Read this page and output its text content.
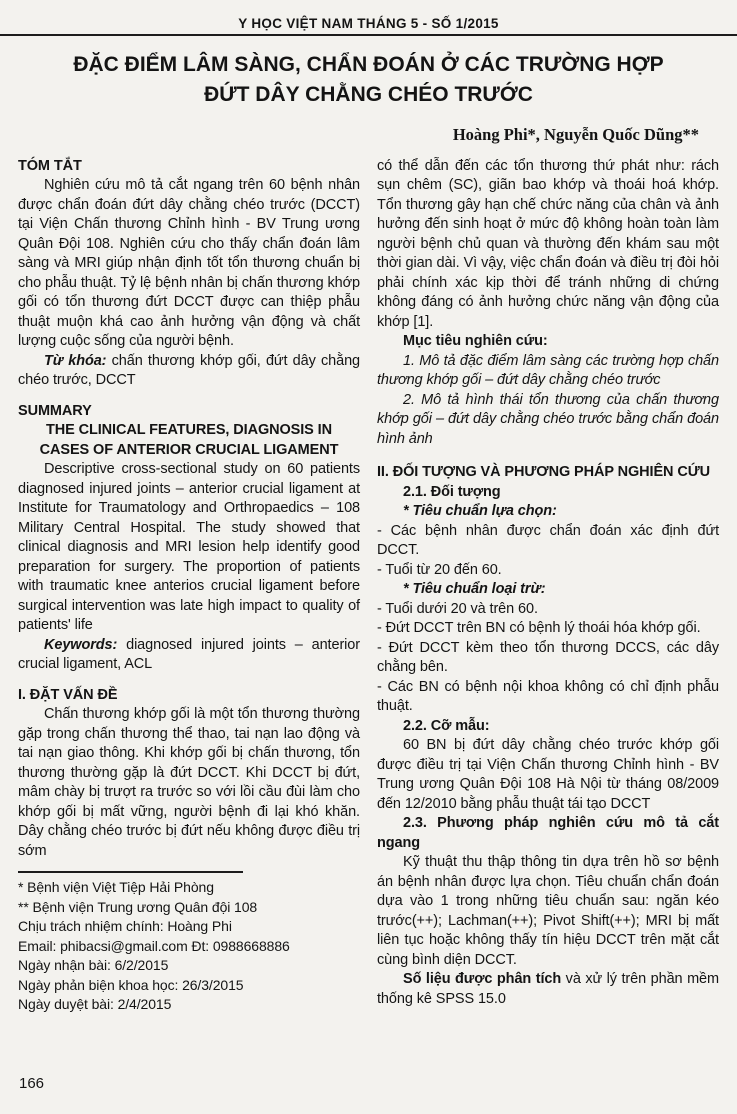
Y HỌC VIỆT NAM THÁNG 5 - SỐ 1/2015
ĐẶC ĐIỂM LÂM SÀNG, CHẨN ĐOÁN Ở CÁC TRƯỜNG HỢP
ĐỨT DÂY CHẰNG CHÉO TRƯỚC
Hoàng Phi*, Nguyễn Quốc Dũng**

TÓM TẮT

Nghiên cứu mô tả cắt ngang trên 60 bệnh nhân được chẩn đoán đứt dây chằng chéo trước (DCCT) tại Viện Chấn thương Chỉnh hình - BV Trung ương Quân Đội 108. Nghiên cứu cho thấy chẩn đoán lâm sàng và MRI giúp nhận định tốt tổn thương chuẩn bị cho phẫu thuật. Tỷ lệ bệnh nhân bị chấn thương khớp gối có tổn thương đứt DCCT được can thiệp phẫu thuật muộn khá cao ảnh hưởng vận động và chất lượng cuộc sống của người bệnh.

Từ khóa: chấn thương khớp gối, đứt dây chằng chéo trước, DCCT

SUMMARY

THE CLINICAL FEATURES, DIAGNOSIS IN
CASES OF ANTERIOR CRUCIAL LIGAMENT

Descriptive cross-sectional study on 60 patients diagnosed injured joints – anterior crucial ligament at Institute for Traumatology and Orthropaedics – 108 Military Central Hospital. The study showed that clinical diagnosis and MRI lesion help identify good preparation for surgery. The proportion of patients with traumatic knee anterios crucial ligament before surgical intervention was late high impact to quality of patients' life

Keywords: diagnosed injured joints – anterior crucial ligament, ACL

I. ĐẶT VẤN ĐỀ

Chấn thương khớp gối là một tổn thương thường gặp trong chấn thương thể thao, tai nạn lao động và tai nạn giao thông. Khi khớp gối bị chấn thương, tổn thương thường gặp là đứt DCCT. Khi DCCT bị đứt, mâm chày bị trượt ra trước so với lồi cầu đùi làm cho khớp gối bị mất vững, người bệnh đi lại khó khăn. Dây chằng chéo trước bị đứt nếu không được điều trị sớm

* Bệnh viện Việt Tiệp Hải Phòng
** Bệnh viện Trung ương Quân đội 108
Chịu trách nhiệm chính: Hoàng Phi
Email: phibacsi@gmail.com Đt: 0988668886
Ngày nhận bài: 6/2/2015
Ngày phản biện khoa học: 26/3/2015
Ngày duyệt bài: 2/4/2015

có thể dẫn đến các tổn thương thứ phát như: rách sụn chêm (SC), giãn bao khớp và thoái hoá khớp. Tổn thương gây hạn chế chức năng của chân và ảnh hưởng đến sinh hoạt ở mức độ không hoàn toàn làm người bệnh chủ quan và thường đến khám sau một thời gian dài. Vì vậy, việc chẩn đoán và điều trị đòi hỏi phải chính xác kịp thời để tránh những di chứng không đáng có ảnh hưởng chức năng vận động của khớp [1].

Mục tiêu nghiên cứu:

1. Mô tả đặc điểm lâm sàng các trường hợp chấn thương khớp gối – đứt dây chằng chéo trước

2. Mô tả hình thái tổn thương của chấn thương khớp gối – đứt dây chằng chéo trước bằng chẩn đoán hình ảnh

II. ĐỐI TƯỢNG VÀ PHƯƠNG PHÁP NGHIÊN CỨU

2.1. Đối tượng

* Tiêu chuẩn lựa chọn:

- Các bệnh nhân được chẩn đoán xác định đứt DCCT.

- Tuổi từ 20 đến 60.

* Tiêu chuẩn loại trừ:

- Tuổi dưới 20 và trên 60.

- Đứt DCCT trên BN có bệnh lý thoái hóa khớp gối.

- Đứt DCCT kèm theo tổn thương DCCS, các dây chằng bên.

- Các BN có bệnh nội khoa không có chỉ định phẫu thuật.

2.2. Cỡ mẫu:

60 BN bị đứt dây chằng chéo trước khớp gối được điều trị tại Viện Chấn thương Chỉnh hình - BV Trung ương Quân Đội 108 Hà Nội từ tháng 08/2009 đến 12/2010 bằng phẫu thuật tái tạo DCCT

2.3. Phương pháp nghiên cứu mô tả cắt ngang

Kỹ thuật thu thập thông tin dựa trên hồ sơ bệnh án bệnh nhân được lựa chọn. Tiêu chuẩn chẩn đoán dựa vào 1 trong những tiêu chuẩn sau: ngăn kéo trước(++); Lachman(++); Pivot Shift(++); MRI bị mất liên tục hoặc không thấy tín hiệu DCCT trên mặt cắt cùng bình diện DCCT.

Số liệu được phân tích và xử lý trên phần mềm thống kê SPSS 15.0

166
